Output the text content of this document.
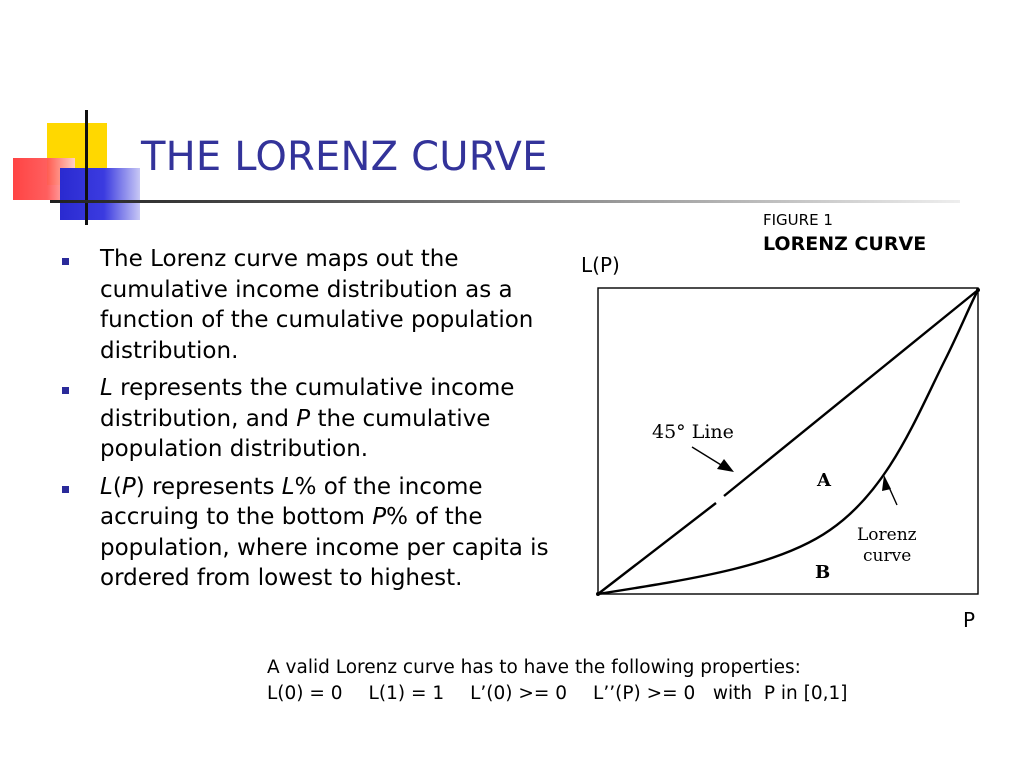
THE LORENZ CURVE
The Lorenz curve maps out the cumulative income distribution as a function of the cumulative population distribution.
L represents the cumulative income distribution, and P the cumulative population distribution.
L(P) represents L% of the income accruing to the bottom P% of the population, where income per capita is ordered from lowest to highest.
FIGURE 1
LORENZ CURVE
L(P)
P
45° Line
A
B
Lorenz
curve
A valid Lorenz curve has to have the following properties:
L(0) = 0 L(1) = 1 L’(0) >= 0 L’’(P) >= 0   with  P in [0,1]
